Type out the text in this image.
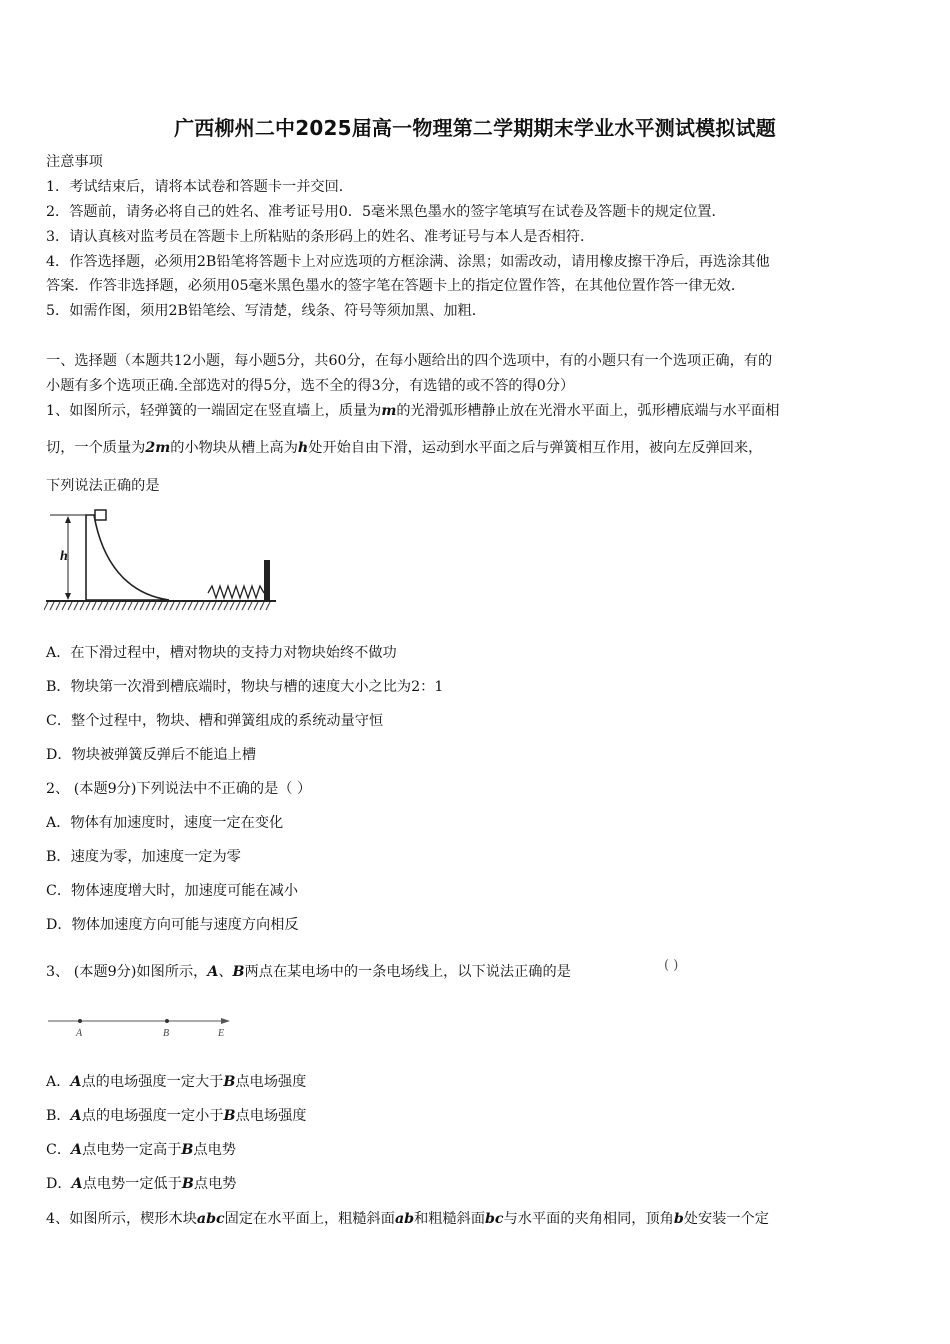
广西柳州二中2025届高一物理第二学期期末学业水平测试模拟试题
注意事项
1．考试结束后，请将本试卷和答题卡一并交回．
2．答题前，请务必将自己的姓名、准考证号用0．5毫米黑色墨水的签字笔填写在试卷及答题卡的规定位置．
3．请认真核对监考员在答题卡上所粘贴的条形码上的姓名、准考证号与本人是否相符．
4．作答选择题，必须用2B铅笔将答题卡上对应选项的方框涂满、涂黑；如需改动，请用橡皮擦干净后，再选涂其他
答案．作答非选择题，必须用05毫米黑色墨水的签字笔在答题卡上的指定位置作答，在其他位置作答一律无效．
5．如需作图，须用2B铅笔绘、写清楚，线条、符号等须加黑、加粗．
一、选择题（本题共12小题，每小题5分，共60分，在每小题给出的四个选项中，有的小题只有一个选项正确，有的
小题有多个选项正确.全部选对的得5分，选不全的得3分，有选错的或不答的得0分）
1、如图所示，轻弹簧的一端固定在竖直墙上，质量为m的光滑弧形槽静止放在光滑水平面上，弧形槽底端与水平面相
切，一个质量为2m的小物块从槽上高为h处开始自由下滑，运动到水平面之后与弹簧相互作用，被向左反弹回来，
下列说法正确的是
h
A．在下滑过程中，槽对物块的支持力对物块始终不做功
B．物块第一次滑到槽底端时，物块与槽的速度大小之比为2：1
C．整个过程中，物块、槽和弹簧组成的系统动量守恒
D．物块被弹簧反弹后不能追上槽
2、 (本题9分)下列说法中不正确的是（ ）
A．物体有加速度时，速度一定在变化
B．速度为零，加速度一定为零
C．物体速度增大时，加速度可能在减小
D．物体加速度方向可能与速度方向相反
3、 (本题9分)如图所示，A、B两点在某电场中的一条电场线上，以下说法正确的是	( )
A	B	E
A．A点的电场强度一定大于B点电场强度
B．A点的电场强度一定小于B点电场强度
C．A点电势一定高于B点电势
D．A点电势一定低于B点电势
4、如图所示，楔形木块abc固定在水平面上，粗糙斜面ab和粗糙斜面bc与水平面的夹角相同，顶角b处安装一个定
